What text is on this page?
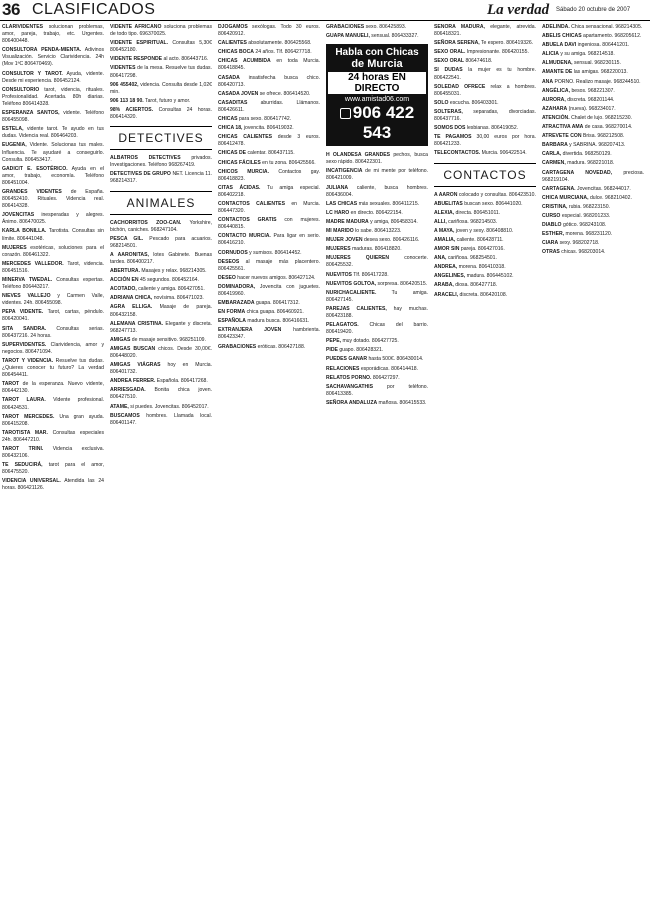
36 CLASIFICADOS	La verdad Sábado 20 octubre de 2007
CLARIVIDENTES solucionan problemas, amor, pareja, trabajo, etc. Urgentes. 806400448.
CONSULTORA PENDA-MIENTA. Adivinos Visualización. Servicio Clarividencia. 24h (Mov 1ªC 806470469).
CONSULTOR Y TAROT. Ayuda, vidente. Desde mi experiencia. 806452124.
CONSULTORIO tarot, videncia, rituales. Profesionalidad. Acertada. 80h diarias. Teléfono 806414328.
ESPERANZA SANTOS, vidente. Teléfono 806455098.
ESTELA, vidente tarot. Te ayudo en tus dudas. Videncia real. 806464203.
EUGENIA, Vidente. Solucionas tus males. Influencia. Te ayudaré a conseguirlo. Consulta. 806453417.
GADICIT E. ESOTÉRICO. Ayuda en el amor, trabajo, economía. Teléfono 806451004.
GRANDES VIDENTES de España. 806452410. Rituales. Videncia real. 806414328.
JOVENCITAS inesperadas y alegres. Ánimo. 806470025.
KARLA BONILLA. Tarotista. Consultas sin límite. 806441048.
MUJERES esotéricas, soluciones para el corazón. 806461322.
MERCEDES VALLEDOR. Tarot, videncia. 806451516.
MINERVA TWEDAL. Consultas expertas. Teléfono 806443217.
NIEVES VALLEJO y Carmen Valle, videntes. 24h. 806455098.
PEPA VIDENTE. Tarot, cartas, péndulo. 806420041.
SITA SANDRA. Consultas serias. 806437216. 24 horas.
SUPERVIDENTES. Clarividencia, amor y negocios. 806471094.
TAROT Y VIDENCIA. Resuelve tus dudas. ¿Quieres conocer tu futuro? La verdad 806454411.
TAROT de la esperanza. Nuevo vidente, 806442130.
TAROT LAURA. Vidente profesional. 806424531.
TAROT MERCEDES. Una gran ayuda. 806415208.
TAROTISTA MAR. Consultas especiales 24h. 806447210.
TAROT TRINI. Videncia exclusiva. 806432106.
TE SEDUCIRÁ, tarot para el amor, 806475520.
VIDENCIA UNIVERSAL. Atendida las 24 horas. 806421126.
VIDENTE AFRICANO soluciona problemas de todo tipo. 696370025.
VIDENTE ESPIRITUAL. Consultas 5,30€ 806452180.
VIDENTE RESPONDE al acto. 806443716.
VIDENTES de la mesa. Resuelve tus dudas. 806417298.
906 455402, videncia. Consulta desde 1,02€ min.
906 113 18 90. Tarot, futuro y amor.
98% ACIERTOS. Consultas 24 horas. 806414320.
DETECTIVES
ALBATROS DETECTIVES privados. Investigaciones. Teléfono 968267419.
DETECTIVES DE GRUPO NET. Licencia 11. 968214317.
ANIMALES
CACHORRITOS ZOO-CAN. Yorkshire, bichón, caniches. 968247104.
PESCA GIL. Pescado para acuarios. 968214501.
A AARONITAS, lotes Gabinete. Buenas tardes. 806400217.
ABERTURA. Masajes y relax. 968214305.
ACCIÓN EN 45 segundos. 806452164.
ACOTADO, caliente y amiga. 806427051.
ADRIANA CHICA, novísima. 806471023.
AGRA ELLIGA. Masaje de pareja. 806432158.
ALEMANA CRISTINA. Elegante y discreta. 968247713.
AMIGAS de masaje sensitivo. 968251109.
AMIGAS BUSCAN chicos. Desde 30,00€. 806448020.
AMIGAS VIÁGRAS hoy en Murcia. 806401732.
ANDREA FERRER. Española. 806417268.
ARRIESGADA. Bonita chica joven. 806427510.
ATAME, si puedes. Jovencitas. 806452017.
BUSCAMOS hombres. Llamada local. 806401147.
DJOGAMOS sexólogas. Todo 30 euros. 806420912.
CALIENTES absolutamente. 806425568.
CHICAS BOCA 24 años. Tlf. 806427718.
CHICAS ACUMBIDA en toda Murcia. 806418845.
CASADA insatisfecha busca chico. 806420713.
CASADA JOVEN se ofrece. 806414520.
CASADITAS	aburridas. Llámanos. 806426611.
CHICAS para sexo. 806417742.
CHICA 18, jovencita. 806419032.
CHICAS CALIENTES desde 3 euros. 806412478.
CHICAS DE calentar. 806437115.
CHICAS FÁCILES en tu zona. 806425566.
CHICOS MURCIA. Contactos gay. 806418823.
CITAS ÁCIDAS. Tu amiga especial. 806402218.
CONTACTOS CALIENTES en Murcia. 806447320.
CONTACTOS GRATIS con mujeres. 806440815.
CONTACTO MURCIA. Para ligar en serio. 806416210.
CORNUDOS y sumisos. 806414452.
DESEOS al masaje más placentero. 806425561.
DESEO hacer nuevos amigos. 806427124.
DOMINADORA, Jovencita con juguetes. 806419960.
EMBARAZADA guapa. 806417312.
EN FORMA chica guapa. 806460921.
ESPAÑOLA madura busca. 806416631.
EXTRANJERA JOVEN hambrienta. 806423347.
GRABACIONES eróticas. 806427188.
GRABACIONES sexo. 806425893.
GUAPA MANUELI, sensual. 806433327.
Habla con Chicas
de Murcia
24 horas EN DIRECTO
www.amistad06.com
906 422 543
H OLANDESA GRANDES pechos, busca sexo rápido. 806422301.
INCATIGENCIA de mi mente por teléfono. 806421009.
JULIANA caliente, busca hombres. 806436004.
LAS CHICAS más sexuales. 806411215.
LC HARO en directo. 806422154.
MADRE MADURA y amiga, 806458314.
MI MARIDO lo sabe. 806413223.
MUJER JOVEN desea sexo. 806426116.
MUJERES maduras. 806418820.
MUJERES QUIEREN	conocerte. 806425532.
NUEVITOS Tlf. 806417228.
NUEVITOS GOLTOA, sorpresa. 806420515.
NURICHACALIENTE.	Tu amiga. 806427145.
PAREJAS CALIENTES, hay muchas. 806423188.
PELAGATOS. Chicas del barrio. 806419420.
PEPE, muy dotado. 806427725.
PIDE guapo. 806428321.
PUEDES GANAR hasta 500€. 806430014.
RELACIONES esporádicas. 806414418.
RELATOS PORNO. 806427297.
SACHAVANGATHIS	por teléfono. 806413385.
SEÑORA ANDALUZA mañosa. 806415533.
SEÑORA MADURA, elegante, atrevida. 806418321.
SEÑORA SERENA, Te espero. 806419326.
SEXO ORAL. Impresionante. 806420155.
SEXO ORAL 806474618.
SI DUDAS la mujer es tu hombre. 806422541.
SOLEDAD OFRECE relax a hombres. 806455031.
SOLO escucha. 806403301.
SOLTERAS, separadas, divorciadas. 806437716.
SOMOS DOS lesbianas. 806419052.
TE PAGAMOS 30,00 euros por hora. 806421233.
TELECONTACTOS. Murcia. 906422514.
CONTACTOS
A AARON colocado y consultas. 806423510.
ABUELITAS buscan sexo. 806441020.
ALEXIA, directa. 806451011.
ALLI, cariñosa. 968214503.
A MAYA, joven y sexy. 806408810.
AMALIA, caliente. 806428711.
AMOR SIN pareja. 806427016.
ANA, cariñosa. 968254501.
ANDREA, morena. 806410318.
ANGELINES, madura. 806445102.
ARABA, diosa. 806427718.
ARACELI, discreta. 806420108.
ADELINDA. Chica sensacional. 968214305.
ABELIS CHICAS apartamento. 968205612.
ABUELA DAVI ingeniosa. 806441201.
ALICIA y su amiga. 968214518.
ALMUDENA, sensual. 968230115.
AMANTE DE las amigas. 968220013.
ANA PORNO. Realizo masaje. 968244510.
ANGÉLICA, besos. 968221307.
AURORA, discreta. 968201144.
AZAHARA (nueva). 968234017.
ATENCIÓN. Chalet de lujo. 968215230.
ATRACTIVA AMA de casa. 968270014.
ATREVETE CON Brisa. 968212508.
BARBARA y SABRINA. 968207413.
CARLA, divertida. 968250129.
CARMEN, madura. 968221018.
CARTAGENA NOVEDAD, preciosa. 968219104.
CARTAGENA. Jovencitas. 968244017.
CHICA MURCIANA, dulce. 968210402.
CRISTINA, rubia. 968223150.
CURSO especial. 968201233.
DIABLO gótico. 968243108.
ESTHER, morena. 968231120.
CIARA sexy. 968202718.
OTRAS chicas. 968203014.
